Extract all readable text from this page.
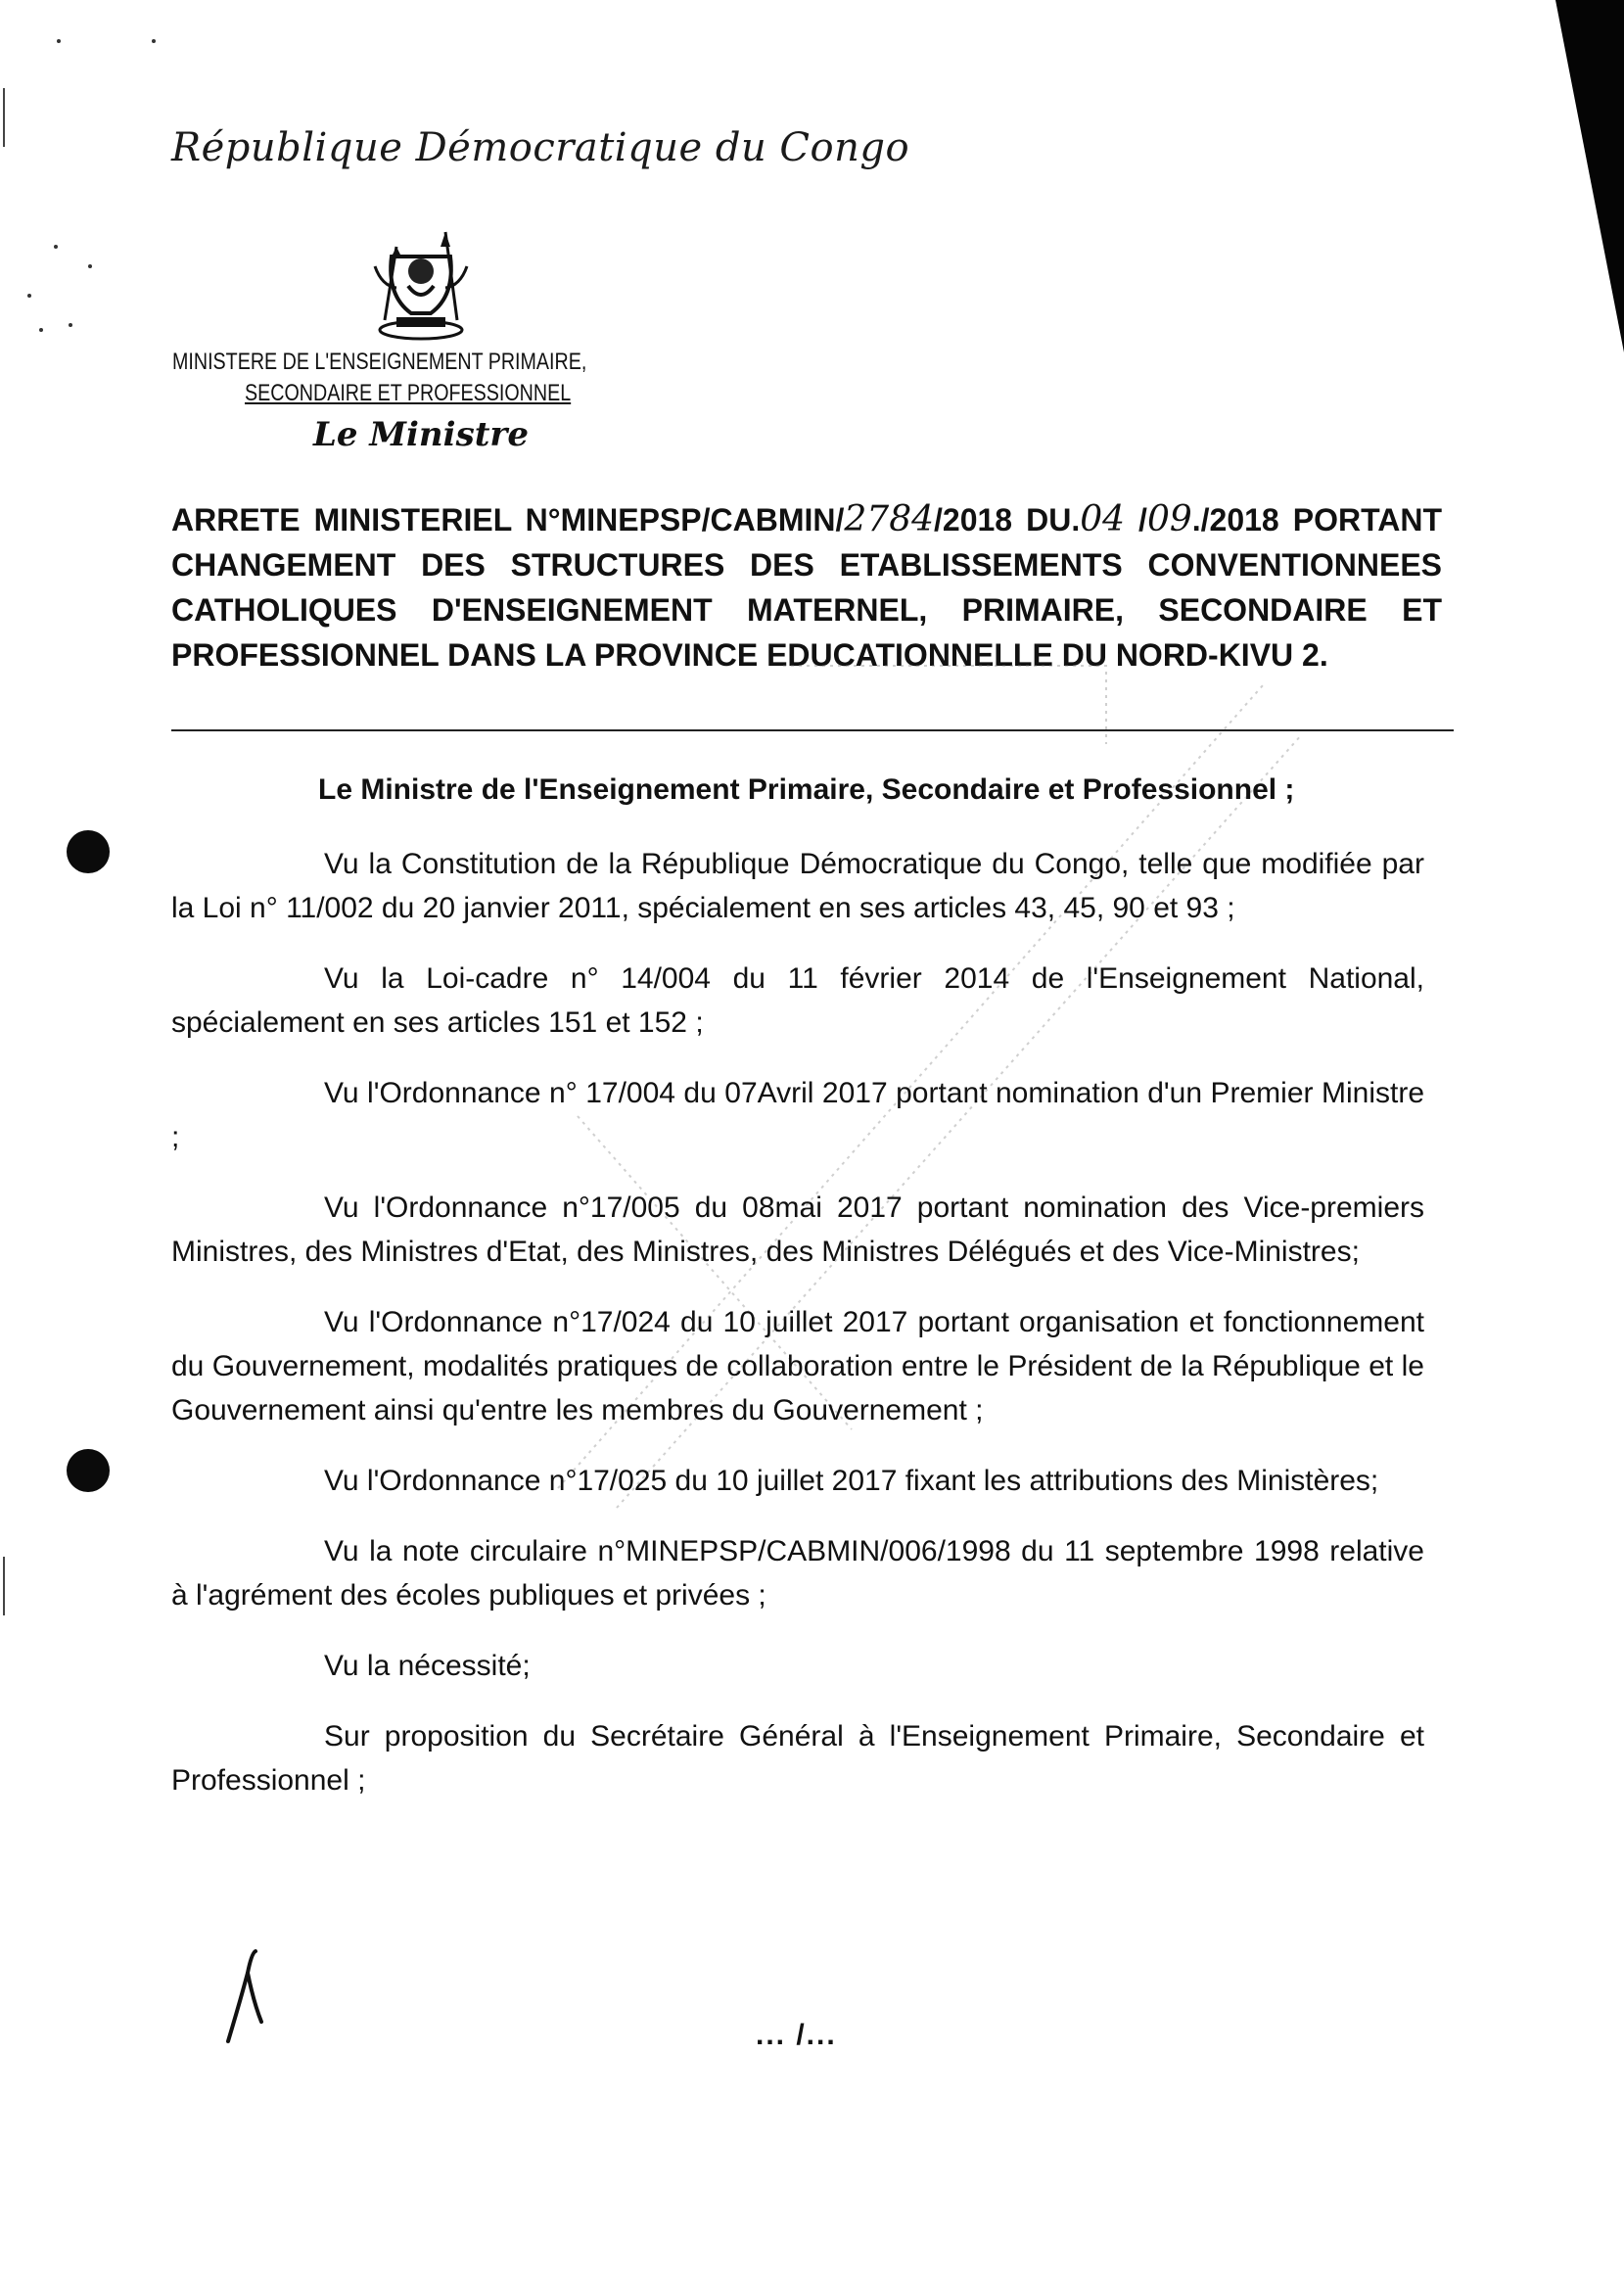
République Démocratique du Congo
MINISTERE DE L'ENSEIGNEMENT PRIMAIRE,
SECONDAIRE ET PROFESSIONNEL
Le Ministre
ARRETE MINISTERIEL N°MINEPSP/CABMIN/2784/2018 DU.04 /09./2018 PORTANT CHANGEMENT DES STRUCTURES DES ETABLISSEMENTS CONVENTIONNEES CATHOLIQUES D'ENSEIGNEMENT MATERNEL, PRIMAIRE, SECONDAIRE ET PROFESSIONNEL DANS LA PROVINCE EDUCATIONNELLE DU NORD-KIVU 2.
Le Ministre de l'Enseignement Primaire, Secondaire et Professionnel ;

Vu la Constitution de la République Démocratique du Congo, telle que modifiée par la Loi n° 11/002 du 20 janvier 2011, spécialement en ses articles 43, 45, 90 et 93 ;

Vu la Loi-cadre n° 14/004 du 11 février 2014 de l'Enseignement National, spécialement en ses articles 151 et 152 ;

Vu l'Ordonnance n° 17/004 du 07Avril 2017 portant nomination d'un Premier Ministre ;

Vu l'Ordonnance n°17/005 du 08mai 2017 portant nomination des Vice-premiers Ministres, des Ministres d'Etat, des Ministres, des Ministres Délégués et des Vice-Ministres;

Vu l'Ordonnance n°17/024 du 10 juillet 2017 portant organisation et fonctionnement du Gouvernement, modalités pratiques de collaboration entre le Président de la République et le Gouvernement ainsi qu'entre les membres du Gouvernement ;

Vu l'Ordonnance n°17/025 du 10 juillet 2017 fixant les attributions des Ministères;

Vu la note circulaire n°MINEPSP/CABMIN/006/1998 du 11 septembre 1998 relative à l'agrément des écoles publiques et privées ;

Vu la nécessité;

Sur proposition du Secrétaire Général à l'Enseignement Primaire, Secondaire et Professionnel ;

... /...
